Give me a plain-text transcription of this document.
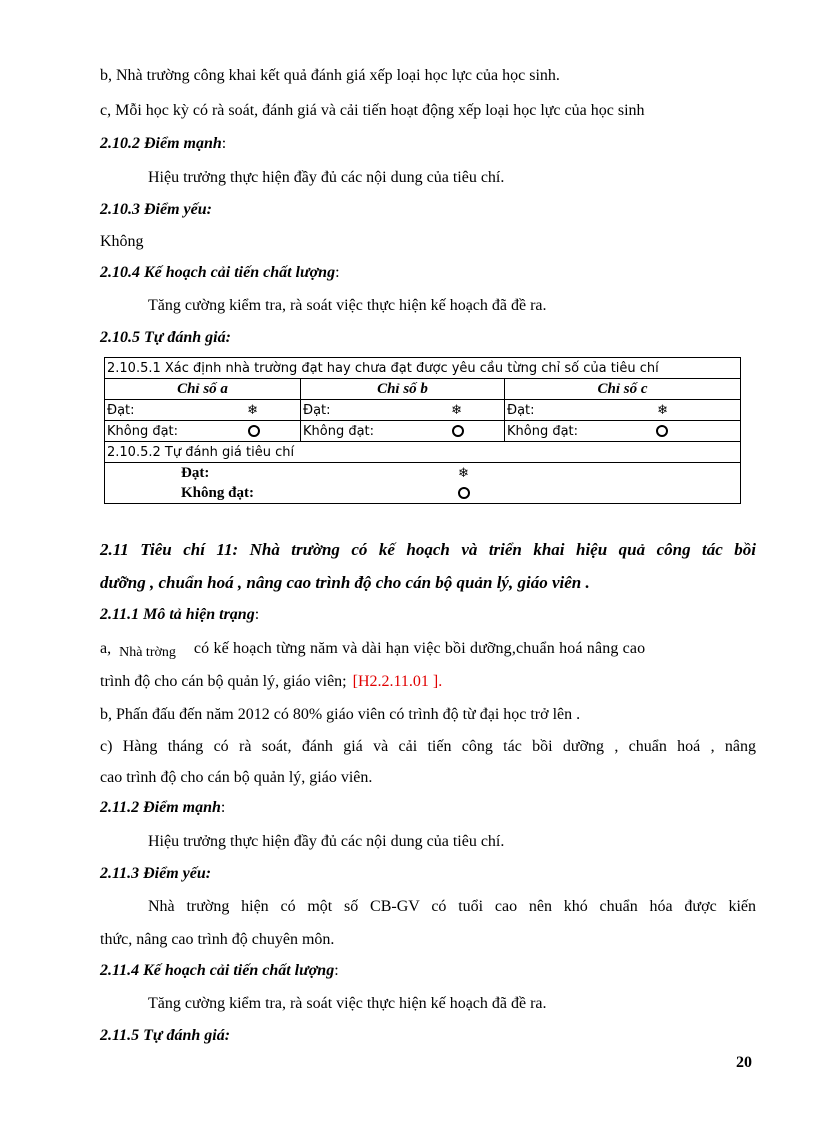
b, Nhà trường công khai kết quả đánh giá xếp loại học lực của học sinh.
c, Mỗi học kỳ có rà soát, đánh giá và cải tiến hoạt động xếp loại học lực của học sinh
2.10.2 Điểm mạnh:
Hiệu trưởng thực hiện đầy đủ các nội dung của tiêu chí.
2.10.3 Điểm yếu:
Không
2.10.4 Kế hoạch cải tiến chất lượng:
Tăng cường kiểm tra, rà soát việc thực hiện kế hoạch đã đề ra.
2.10.5 Tự đánh giá:
2.10.5.1 Xác định nhà trường đạt hay chưa đạt được yêu cầu từng chỉ số của tiêu chí		
Chỉ số a	Chỉ số b	Chỉ số c
Đạt: ❄	Đạt: ❄	Đạt: ❄

Không đạt:	Không đạt:	Không đạt:

2.10.5.2 Tự đánh giá tiêu chí		
Đạt: ❄		

Không đạt:		
2.11 Tiêu chí 11: Nhà trường có kế hoạch và triển khai hiệu quả công tác bồi
dưỡng , chuẩn hoá , nâng cao trình độ cho cán bộ quản lý, giáo viên .
2.11.1 Mô tả hiện trạng:
a, Nhà trờng có kế hoạch từng năm và dài hạn việc bồi dưỡng,chuẩn hoá nâng cao
trình độ cho cán bộ quản lý, giáo viên; [H2.2.11.01 ].
b, Phấn đấu đến năm 2012 có 80% giáo viên có trình độ từ đại học trở lên .
c) Hàng tháng có rà soát, đánh giá và cải tiến công tác bồi dưỡng , chuẩn hoá , nâng
cao trình độ cho cán bộ quản lý, giáo viên.
2.11.2 Điểm mạnh:
Hiệu trưởng thực hiện đầy đủ các nội dung của tiêu chí.
2.11.3 Điểm yếu:
Nhà trường hiện có một số CB-GV có tuổi cao nên khó chuẩn hóa được kiến
thức, nâng cao trình độ chuyên môn.
2.11.4 Kế hoạch cải tiến chất lượng:
Tăng cường kiểm tra, rà soát việc thực hiện kế hoạch đã đề ra.
2.11.5 Tự đánh giá:
20
